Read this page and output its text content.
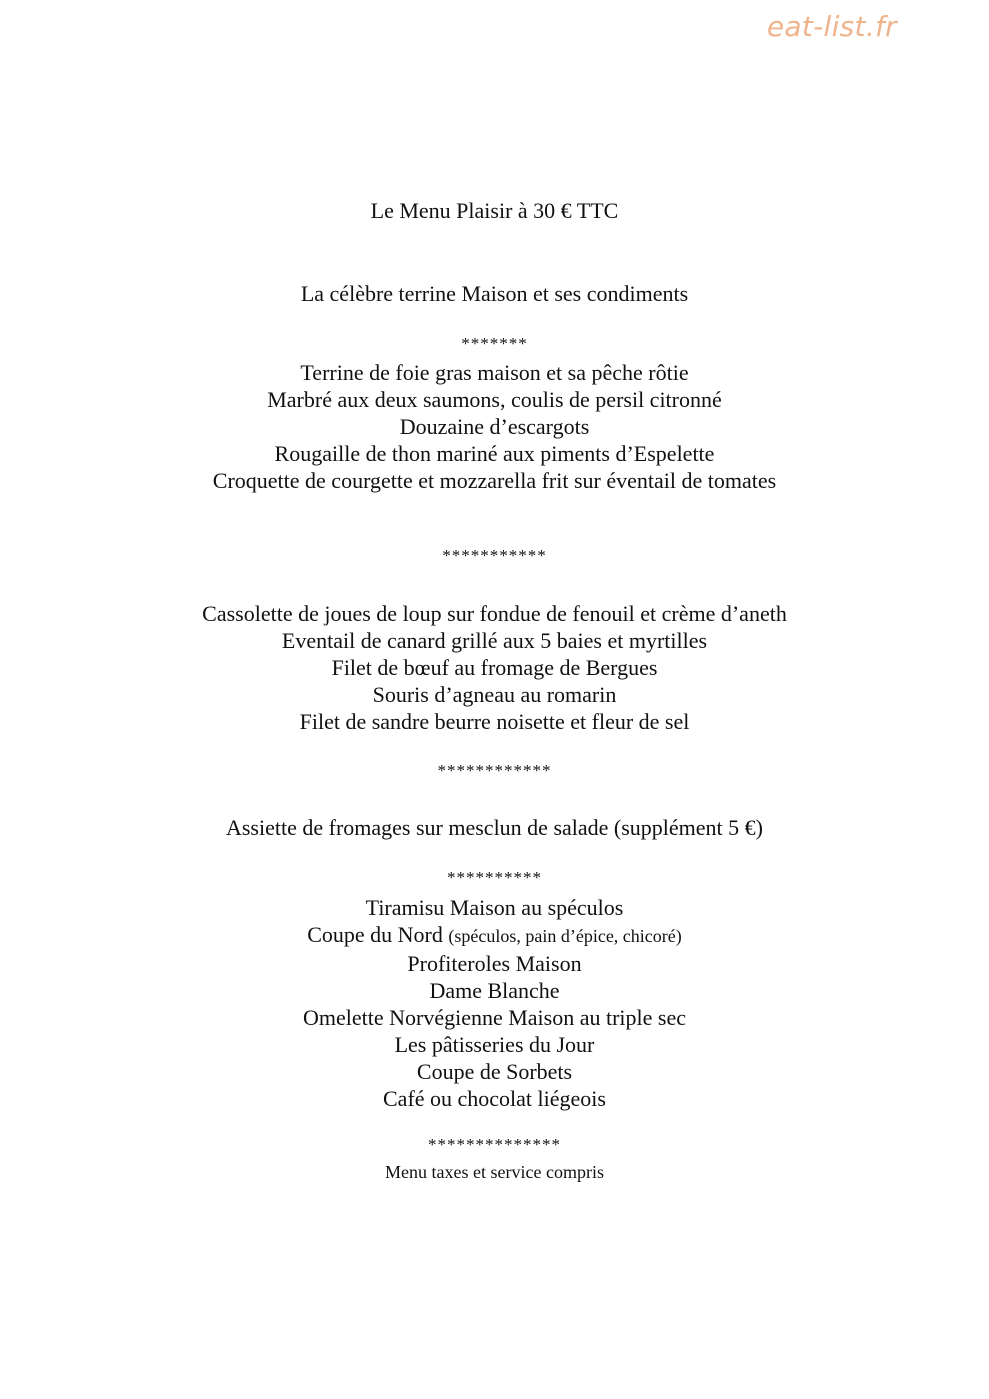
eat-list.fr
Le Menu Plaisir à 30 € TTC
La célèbre terrine Maison et ses condiments
*******
Terrine de foie gras maison et sa pêche rôtie
Marbré aux deux saumons, coulis de persil citronné
Douzaine d’escargots
Rougaille de thon mariné aux piments d’Espelette
Croquette de courgette et mozzarella frit sur éventail de tomates
***********
Cassolette de joues de loup sur fondue de fenouil et crème d’aneth
Eventail de canard grillé aux 5 baies et myrtilles
Filet de bœuf au fromage de Bergues
Souris d’agneau au romarin
Filet de sandre beurre noisette et fleur de sel
************
Assiette de fromages sur mesclun de salade (supplément 5 €)
**********
Tiramisu Maison au spéculos
Coupe du Nord (spéculos, pain d’épice, chicoré)
Profiteroles Maison
Dame Blanche
Omelette Norvégienne Maison au triple sec
Les pâtisseries du Jour
Coupe de Sorbets
Café ou chocolat liégeois
**************
Menu taxes et service compris
